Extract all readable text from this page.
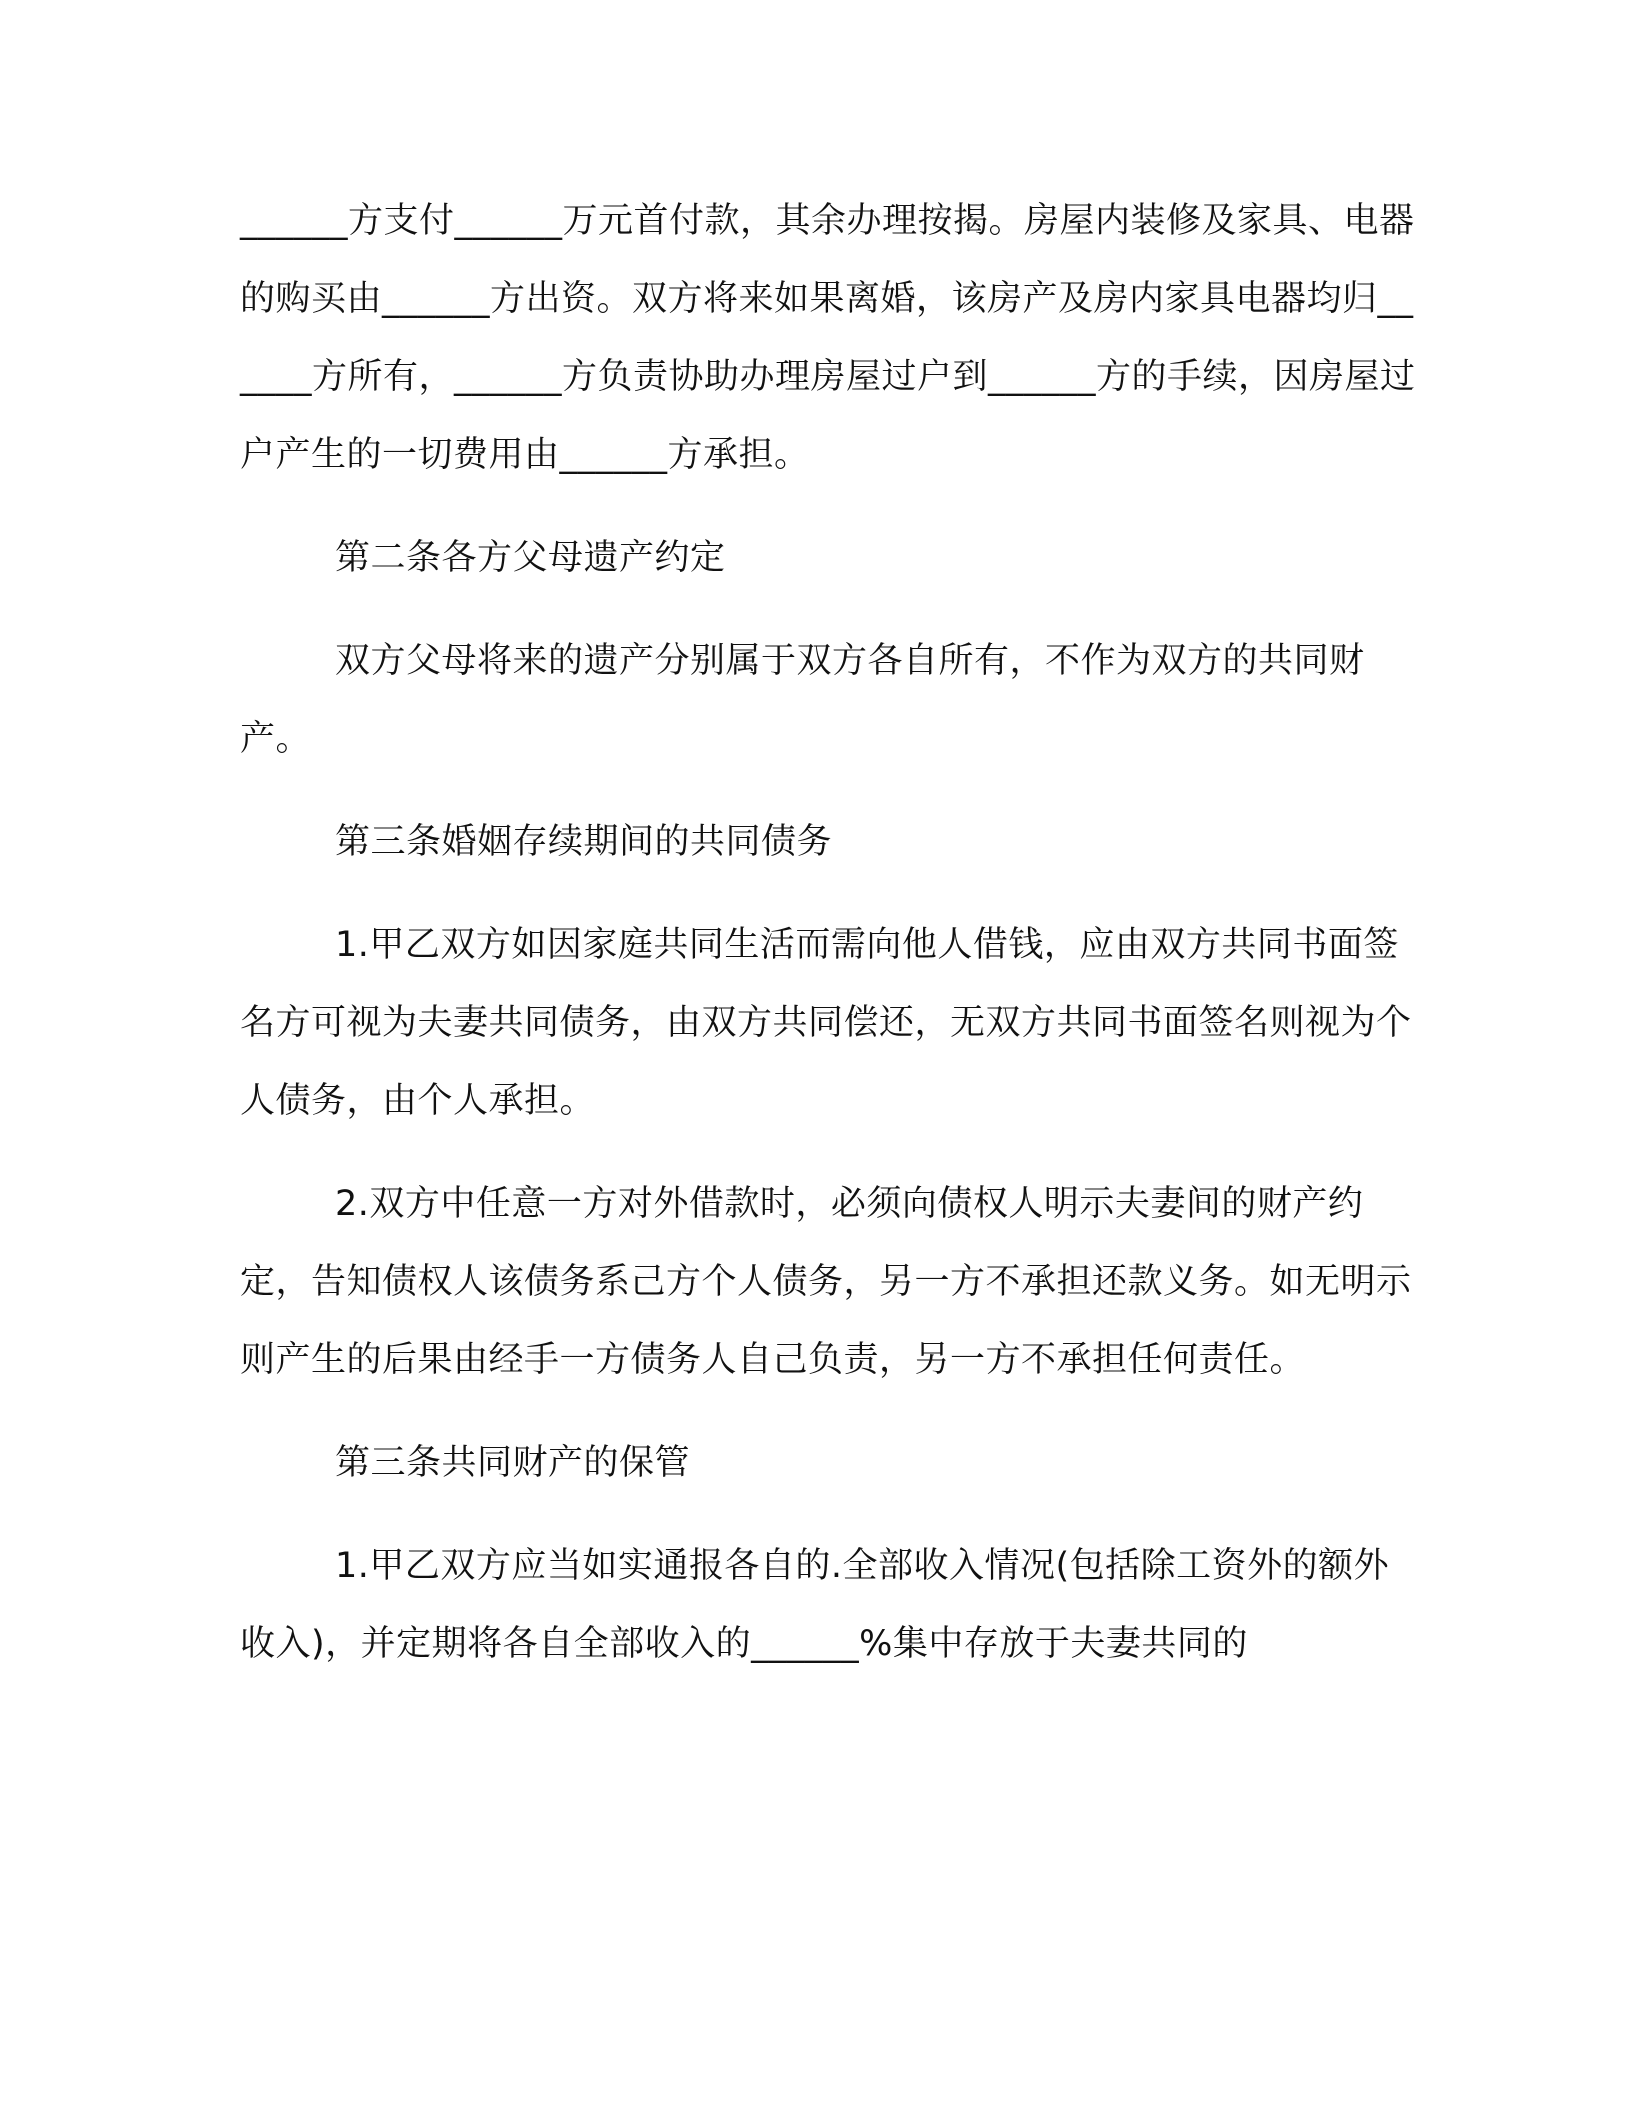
______方支付______万元首付款，其余办理按揭。房屋内装修及家具、电器的购买由______方出资。双方将来如果离婚，该房产及房内家具电器均归______方所有，______方负责协助办理房屋过户到______方的手续，因房屋过户产生的一切费用由______方承担。

第二条各方父母遗产约定

双方父母将来的遗产分别属于双方各自所有，不作为双方的共同财产。

第三条婚姻存续期间的共同债务

1.甲乙双方如因家庭共同生活而需向他人借钱，应由双方共同书面签名方可视为夫妻共同债务，由双方共同偿还，无双方共同书面签名则视为个人债务，由个人承担。

2.双方中任意一方对外借款时，必须向债权人明示夫妻间的财产约定，告知债权人该债务系己方个人债务，另一方不承担还款义务。如无明示则产生的后果由经手一方债务人自己负责，另一方不承担任何责任。

第三条共同财产的保管

1.甲乙双方应当如实通报各自的.全部收入情况(包括除工资外的额外收入)，并定期将各自全部收入的______%集中存放于夫妻共同的
